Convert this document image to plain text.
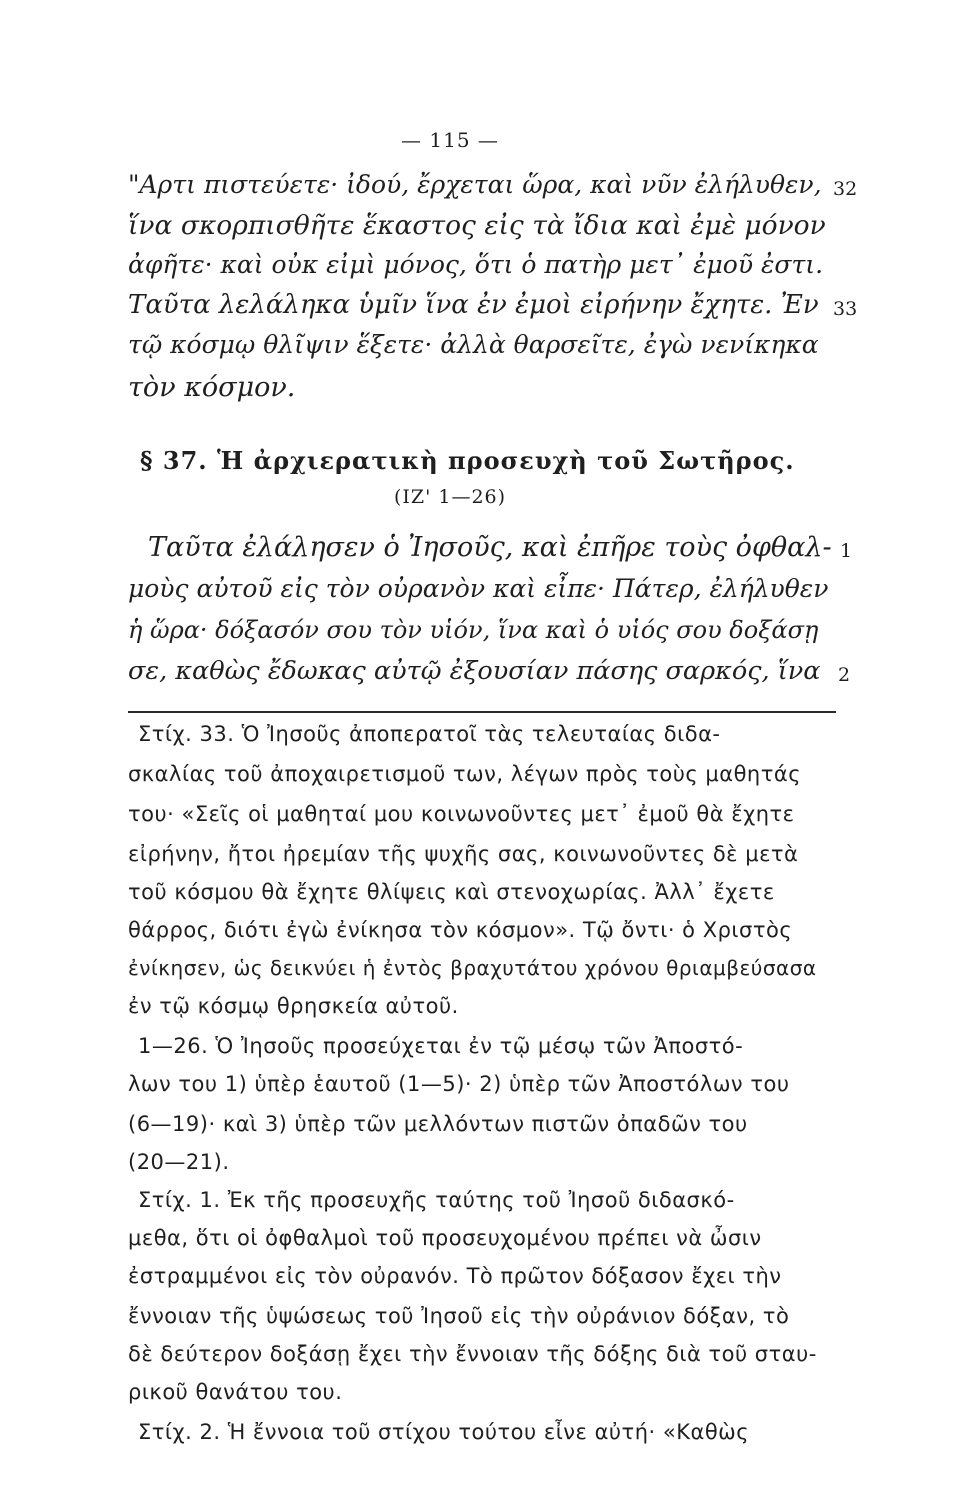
— 115 —
"Αρτι πιστεύετε· ἰδού, ἔρχεται ὥρα, καὶ νῦν ἐλήλυθεν, 32
ἵνα σκορπισθῆτε ἕκαστος εἰς τὰ ἴδια καὶ ἐμὲ μόνον
ἀφῆτε· καὶ οὐκ εἰμὶ μόνος, ὅτι ὁ πατὴρ μετ᾿ ἐμοῦ ἐστι.
Ταῦτα λελάληκα ὑμῖν ἵνα ἐν ἐμοὶ εἰρήνην ἔχητε. Ἐν 33
τῷ κόσμῳ θλῖψιν ἕξετε· ἀλλὰ θαρσεῖτε, ἐγὼ νενίκηκα
τὸν κόσμον.
§ 37. Ἡ ἀρχιερατικὴ προσευχὴ τοῦ Σωτῆρος.
(ΙΖ' 1—26)
Ταῦτα ἐλάλησεν ὁ Ἰησοῦς, καὶ ἐπῆρε τοὺς ὀφθαλ- 1
μοὺς αὐτοῦ εἰς τὸν οὐρανὸν καὶ εἶπε· Πάτερ, ἐλήλυθεν
ἡ ὥρα· δόξασόν σου τὸν υἱόν, ἵνα καὶ ὁ υἱός σου δοξάσῃ
σε, καθὼς ἔδωκας αὐτῷ ἐξουσίαν πάσης σαρκός, ἵνα 2
Στίχ. 33. Ὁ Ἰησοῦς ἀποπερατοῖ τὰς τελευταίας διδα-
σκαλίας τοῦ ἀποχαιρετισμοῦ των, λέγων πρὸς τοὺς μαθητάς
του· «Σεῖς οἱ μαθηταί μου κοινωνοῦντες μετ᾿ ἐμοῦ θὰ ἔχητε
εἰρήνην, ἤτοι ἠρεμίαν τῆς ψυχῆς σας, κοινωνοῦντες δὲ μετὰ
τοῦ κόσμου θὰ ἔχητε θλίψεις καὶ στενοχωρίας. Ἀλλ᾿ ἔχετε
θάρρος, διότι ἐγὼ ἐνίκησα τὸν κόσμον». Τῷ ὄντι· ὁ Χριστὸς
ἐνίκησεν, ὡς δεικνύει ἡ ἐντὸς βραχυτάτου χρόνου θριαμβεύσασα
ἐν τῷ κόσμῳ θρησκεία αὐτοῦ.
1—26. Ὁ Ἰησοῦς προσεύχεται ἐν τῷ μέσῳ τῶν Ἀποστό-
λων του 1) ὑπὲρ ἑαυτοῦ (1—5)· 2) ὑπὲρ τῶν Ἀποστόλων του
(6—19)· καὶ 3) ὑπὲρ τῶν μελλόντων πιστῶν ὀπαδῶν του
(20—21).
Στίχ. 1. Ἐκ τῆς προσευχῆς ταύτης τοῦ Ἰησοῦ διδασκό-
μεθα, ὅτι οἱ ὀφθαλμοὶ τοῦ προσευχομένου πρέπει νὰ ὦσιν
ἐστραμμένοι εἰς τὸν οὐρανόν. Τὸ πρῶτον δόξασον ἔχει τὴν
ἔννοιαν τῆς ὑψώσεως τοῦ Ἰησοῦ εἰς τὴν οὐράνιον δόξαν, τὸ
δὲ δεύτερον δοξάσῃ ἔχει τὴν ἔννοιαν τῆς δόξης διὰ τοῦ σταυ-
ρικοῦ θανάτου του.
Στίχ. 2. Ἡ ἔννοια τοῦ στίχου τούτου εἶνε αὐτή· «Καθὼς
